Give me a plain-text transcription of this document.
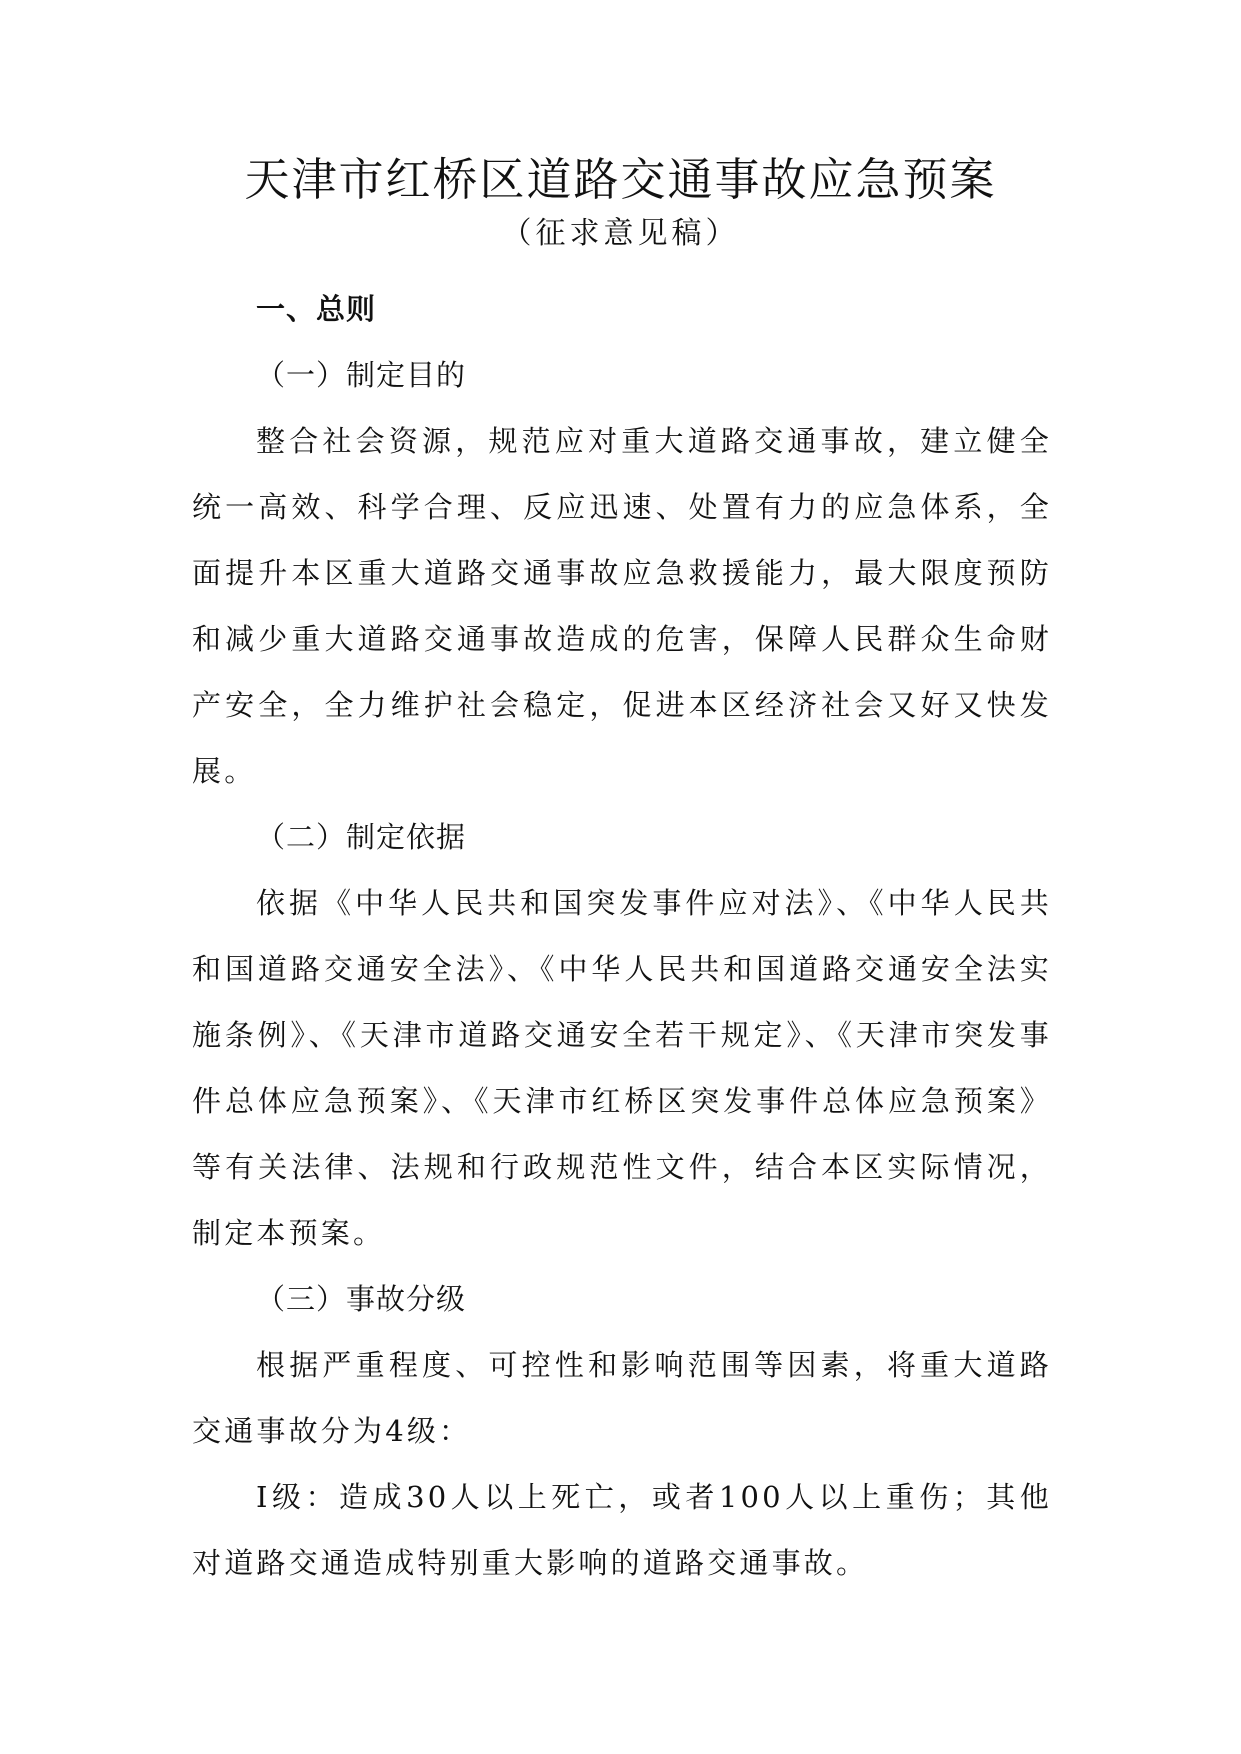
天津市红桥区道路交通事故应急预案
（征求意见稿）

一、总则

（一）制定目的

整合社会资源，规范应对重大道路交通事故，建立健全统一高效、科学合理、反应迅速、处置有力的应急体系，全面提升本区重大道路交通事故应急救援能力，最大限度预防和减少重大道路交通事故造成的危害，保障人民群众生命财产安全，全力维护社会稳定，促进本区经济社会又好又快发展。

（二）制定依据

依据《中华人民共和国突发事件应对法》、《中华人民共和国道路交通安全法》、《中华人民共和国道路交通安全法实施条例》、《天津市道路交通安全若干规定》、《天津市突发事件总体应急预案》、《天津市红桥区突发事件总体应急预案》等有关法律、法规和行政规范性文件，结合本区实际情况，制定本预案。

（三）事故分级

根据严重程度、可控性和影响范围等因素，将重大道路交通事故分为4级：

Ⅰ级：造成30人以上死亡，或者100人以上重伤；其他对道路交通造成特别重大影响的道路交通事故。
